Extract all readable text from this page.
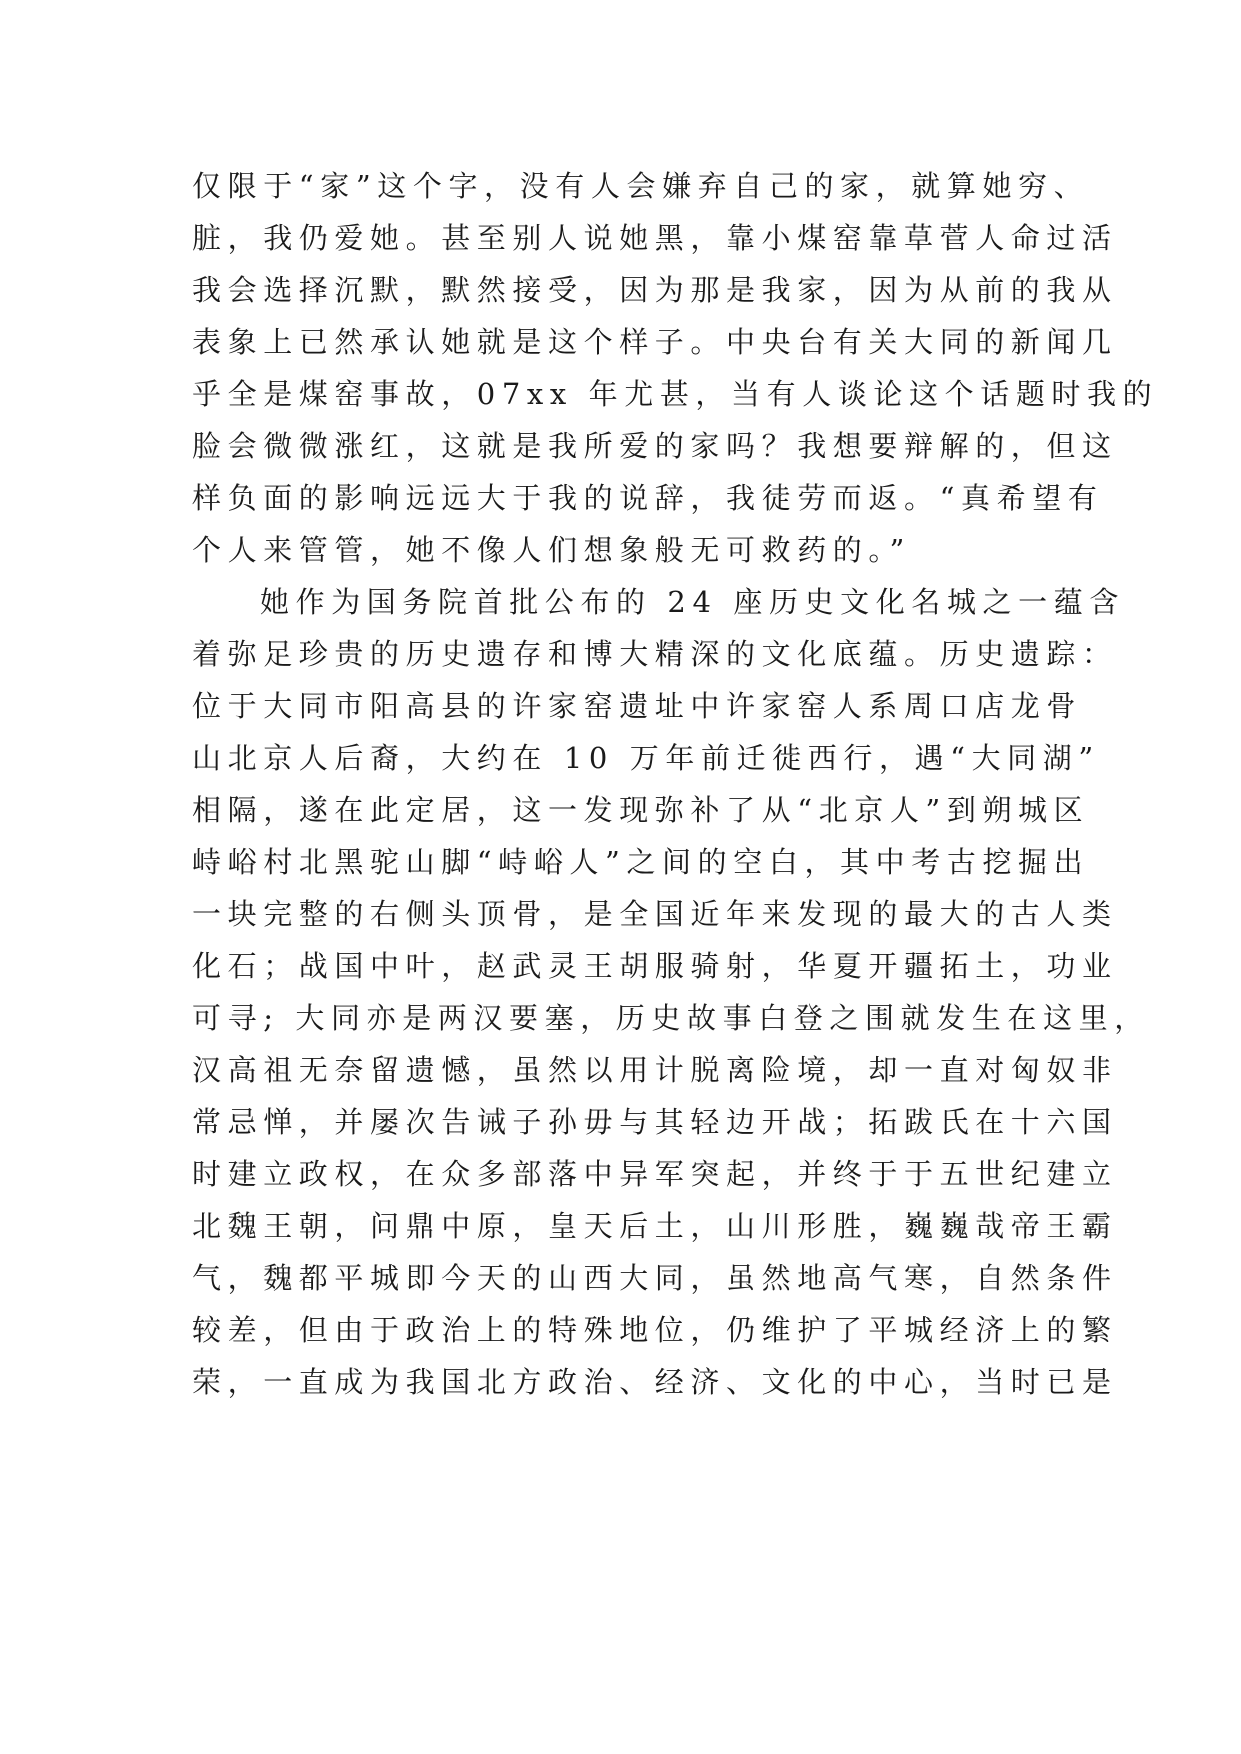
仅限于“家”这个字，没有人会嫌弃自己的家，就算她穷、
脏，我仍爱她。甚至别人说她黑，靠小煤窑靠草菅人命过活
我会选择沉默，默然接受，因为那是我家，因为从前的我从
表象上已然承认她就是这个样子。中央台有关大同的新闻几
乎全是煤窑事故，07xx 年尤甚，当有人谈论这个话题时我的
脸会微微涨红，这就是我所爱的家吗？我想要辩解的，但这
样负面的影响远远大于我的说辞，我徒劳而返。“真希望有
个人来管管，她不像人们想象般无可救药的。”
她作为国务院首批公布的 24 座历史文化名城之一蕴含
着弥足珍贵的历史遗存和博大精深的文化底蕴。历史遗踪：
位于大同市阳高县的许家窑遗址中许家窑人系周口店龙骨
山北京人后裔，大约在 10 万年前迁徙西行，遇“大同湖”
相隔，遂在此定居，这一发现弥补了从“北京人”到朔城区
峙峪村北黑驼山脚“峙峪人”之间的空白，其中考古挖掘出
一块完整的右侧头顶骨，是全国近年来发现的最大的古人类
化石；战国中叶，赵武灵王胡服骑射，华夏开疆拓土，功业
可寻; 大同亦是两汉要塞，历史故事白登之围就发生在这里，
汉高祖无奈留遗憾，虽然以用计脱离险境，却一直对匈奴非
常忌惮，并屡次告诫子孙毋与其轻边开战；拓跋氏在十六国
时建立政权，在众多部落中异军突起，并终于于五世纪建立
北魏王朝，问鼎中原，皇天后土，山川形胜，巍巍哉帝王霸
气，魏都平城即今天的山西大同，虽然地高气寒，自然条件
较差，但由于政治上的特殊地位，仍维护了平城经济上的繁
荣，一直成为我国北方政治、经济、文化的中心，当时已是
